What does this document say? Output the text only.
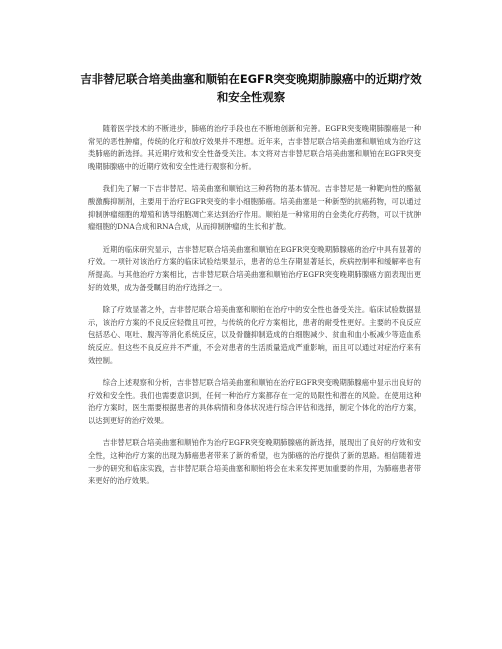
吉非替尼联合培美曲塞和顺铂在EGFR突变晚期肺腺癌中的近期疗效和安全性观察

随着医学技术的不断进步，肺癌的治疗手段也在不断地创新和完善。EGFR突变晚期肺腺癌是一种常见的恶性肿瘤，传统的化疗和放疗效果并不理想。近年来，吉非替尼联合培美曲塞和顺铂成为治疗这类肺癌的新选择。其近期疗效和安全性备受关注。本文将对吉非替尼联合培美曲塞和顺铂在EGFR突变晚期肺腺癌中的近期疗效和安全性进行观察和分析。

我们先了解一下吉非替尼、培美曲塞和顺铂这三种药物的基本情况。吉非替尼是一种靶向性的酪氨酸激酶抑制剂，主要用于治疗EGFR突变的非小细胞肺癌。培美曲塞是一种新型的抗癌药物，可以通过抑制肿瘤细胞的增殖和诱导细胞凋亡来达到治疗作用。顺铂是一种常用的白金类化疗药物，可以干扰肿瘤细胞的DNA合成和RNA合成，从而抑制肿瘤的生长和扩散。

近期的临床研究显示，吉非替尼联合培美曲塞和顺铂在EGFR突变晚期肺腺癌的治疗中具有显著的疗效。一项针对该治疗方案的临床试验结果显示，患者的总生存期显著延长，疾病控制率和缓解率也有所提高。与其他治疗方案相比，吉非替尼联合培美曲塞和顺铂治疗EGFR突变晚期肺腺癌方面表现出更好的效果，成为备受瞩目的治疗选择之一。

除了疗效显著之外，吉非替尼联合培美曲塞和顺铂在治疗中的安全性也备受关注。临床试验数据显示，该治疗方案的不良反应轻微且可控，与传统的化疗方案相比，患者的耐受性更好。主要的不良反应包括恶心、呕吐、腹泻等消化系统反应，以及骨髓抑制造成的白细胞减少、贫血和血小板减少等造血系统反应。但这些不良反应并不严重，不会对患者的生活质量造成严重影响，而且可以通过对症治疗来有效控制。

综合上述观察和分析，吉非替尼联合培美曲塞和顺铂在治疗EGFR突变晚期肺腺癌中显示出良好的疗效和安全性。我们也需要意识到，任何一种治疗方案都存在一定的局限性和潜在的风险。在使用这种治疗方案时，医生需要根据患者的具体病情和身体状况进行综合评估和选择，制定个体化的治疗方案，以达到更好的治疗效果。

吉非替尼联合培美曲塞和顺铂作为治疗EGFR突变晚期肺腺癌的新选择，展现出了良好的疗效和安全性，这种治疗方案的出现为肺癌患者带来了新的希望，也为肺癌的治疗提供了新的思路。相信随着进一步的研究和临床实践，吉非替尼联合培美曲塞和顺铂将会在未来发挥更加重要的作用，为肺癌患者带来更好的治疗效果。
